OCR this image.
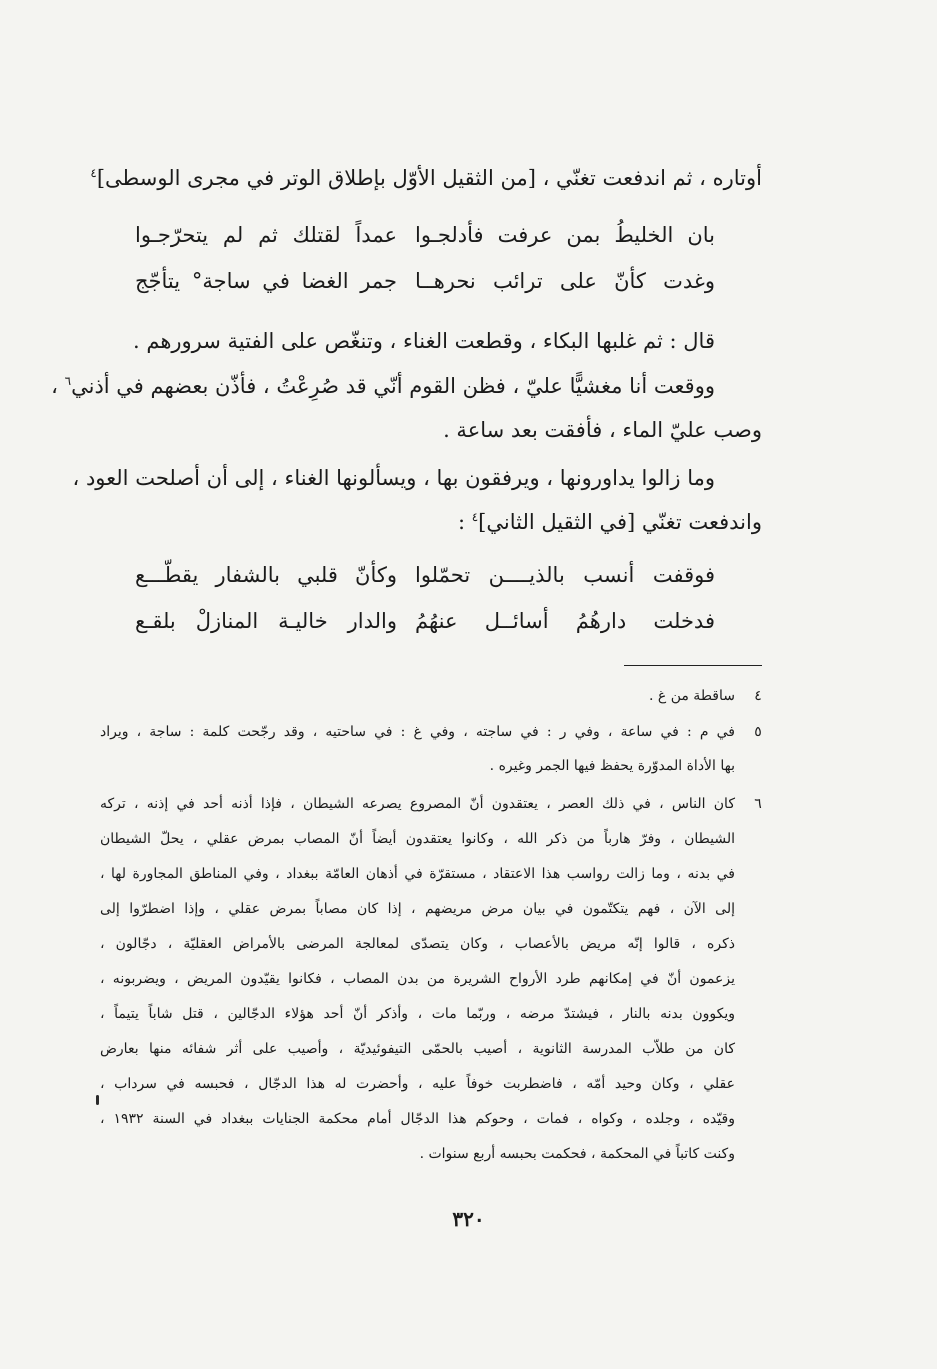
أوتاره ، ثم اندفعت تغنّي ، [من الثقيل الأوّل بإطلاق الوتر في مجرى الوسطى]$^٤$
بان الخليطُ بمن عرفت فأدلجـوا
عمداً لقتلك ثم لم يتحرّجـوا
وغدت كأنّ على ترائب نحرهــا
جمر الغضا في ساجة° يتأجّج
قال : ثم غلبها البكاء ، وقطعت الغناء ، وتنغّص على الفتية سرورهم .
ووقعت أنا مغشيًّا عليّ ، فظن القوم أنّي قد صُرِعْتُ ، فأذّن بعضهم في أذني$^٦$ ،
وصب عليّ الماء ، فأفقت بعد ساعة .
وما زالوا يداورونها ، ويرفقون بها ، ويسألونها الغناء ، إلى أن أصلحت العود ،
واندفعت تغنّي [في الثقيل الثاني]$^٤$ :
فوقفت أنسب بالذيــــن تحمّلوا
وكأنّ قلبي بالشفار يقطّـــع
فدخلت دارهُمُ أسائــل عنهُمُ
والدار خاليـة المنازلْ بلقـع
٤
ساقطة من غ .
٥
في م : في ساعة ، وفي ر : في ساجته ، وفي غ : في ساحتيه ، وقد رجّحت كلمة : ساجة ، ويراد
بها الأداة المدوّرة يحفظ فيها الجمر وغيره .
٦
كان الناس ، في ذلك العصر ، يعتقدون أنّ المصروع يصرعه الشيطان ، فإذا أذنه أحد في إذنه ، تركه
الشيطان ، وفرّ هارباً من ذكر الله ، وكانوا يعتقدون أيضاً أنّ المصاب بمرض عقلي ، يحلّ الشيطان
في بدنه ، وما زالت رواسب هذا الاعتقاد ، مستقرّة في أذهان العامّة ببغداد ، وفي المناطق المجاورة لها ،
إلى الآن ، فهم يتكتّمون في بيان مرض مريضهم ، إذا كان مصاباً بمرض عقلي ، وإذا اضطرّوا إلى
ذكره ، قالوا إنّه مريض بالأعصاب ، وكان يتصدّى لمعالجة المرضى بالأمراض العقليّة ، دجّالون ،
يزعمون أنّ في إمكانهم طرد الأرواح الشريرة من بدن المصاب ، فكانوا يقيّدون المريض ، ويضربونه ،
ويكوون بدنه بالنار ، فيشتدّ مرضه ، وربّما مات ، وأذكر أنّ أحد هؤلاء الدجّالين ، قتل شاباً يتيماً ،
كان من طلاّب المدرسة الثانوية ، أصيب بالحمّى التيفوئيديّة ، وأصيب على أثر شفائه منها بعارض
عقلي ، وكان وحيد أمّه ، فاضطربت خوفاً عليه ، وأحضرت له هذا الدجّال ، فحبسه في سرداب ،
وقيّده ، وجلده ، وكواه ، فمات ، وحوكم هذا الدجّال أمام محكمة الجنايات ببغداد في السنة ١٩٣٢ ،
وكنت كاتباً في المحكمة ، فحكمت بحبسه أربع سنوات .
٣٢٠
